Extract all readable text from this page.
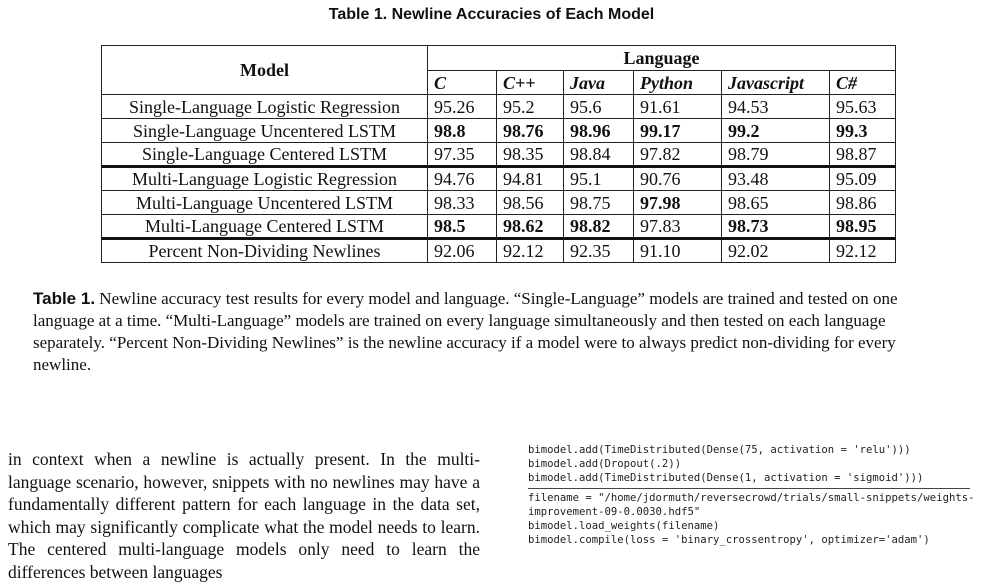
Table 1. Newline Accuracies of Each Model
Model	Language					
	C	C++	Java	Python	Javascript	C#
Single-Language Logistic Regression	95.26	95.2	95.6	91.61	94.53	95.63
Single-Language Uncentered LSTM	98.8	98.76	98.96	99.17	99.2	99.3
Single-Language Centered LSTM	97.35	98.35	98.84	97.82	98.79	98.87
Multi-Language Logistic Regression	94.76	94.81	95.1	90.76	93.48	95.09
Multi-Language Uncentered LSTM	98.33	98.56	98.75	97.98	98.65	98.86
Multi-Language Centered LSTM	98.5	98.62	98.82	97.83	98.73	98.95
Percent Non-Dividing Newlines	92.06	92.12	92.35	91.10	92.02	92.12

Table 1. Newline accuracy test results for every model and language. “Single-Language” models are trained and tested on one language at a time. “Multi-Language” models are trained on every language simultaneously and then tested on each language separately. “Percent Non-Dividing Newlines” is the newline accuracy if a model were to always predict non-dividing for every newline.

in context when a newline is actually present. In the multi-language scenario, however, snippets with no newlines may have a fundamentally different pattern for each language in the data set, which may significantly complicate what the model needs to learn. The centered multi-language models only need to learn the differences between languages

bimodel.add(TimeDistributed(Dense(75, activation = 'relu')))
bimodel.add(Dropout(.2))
bimodel.add(TimeDistributed(Dense(1, activation = 'sigmoid')))
filename = "/home/jdormuth/reversecrowd/trials/small-snippets/weights-
improvement-09-0.0030.hdf5"
bimodel.load_weights(filename)
bimodel.compile(loss = 'binary_crossentropy', optimizer='adam')
